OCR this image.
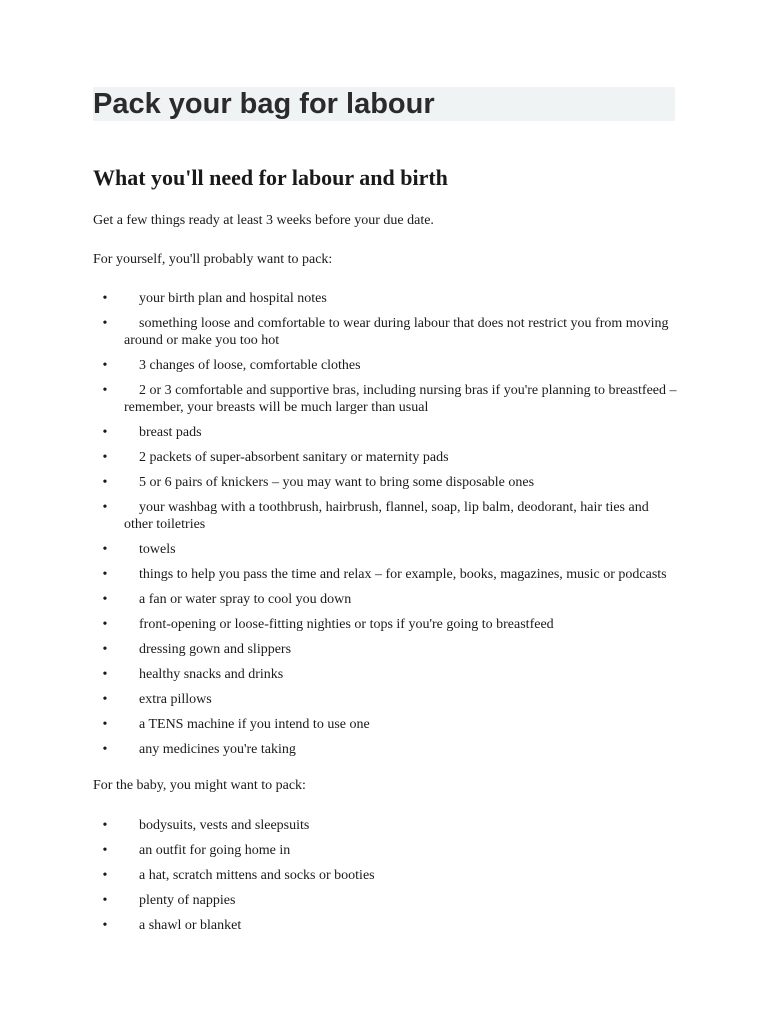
Pack your bag for labour
What you'll need for labour and birth

Get a few things ready at least 3 weeks before your due date.

For yourself, you'll probably want to pack:

•	your birth plan and hospital notes
•	something loose and comfortable to wear during labour that does not restrict you from moving around or make you too hot
•	3 changes of loose, comfortable clothes
•	2 or 3 comfortable and supportive bras, including nursing bras if you're planning to breastfeed – remember, your breasts will be much larger than usual
•	breast pads
•	2 packets of super-absorbent sanitary or maternity pads
•	5 or 6 pairs of knickers – you may want to bring some disposable ones
•	your washbag with a toothbrush, hairbrush, flannel, soap, lip balm, deodorant, hair ties and other toiletries
•	towels
•	things to help you pass the time and relax – for example, books, magazines, music or podcasts
•	a fan or water spray to cool you down
•	front-opening or loose-fitting nighties or tops if you're going to breastfeed
•	dressing gown and slippers
•	healthy snacks and drinks
•	extra pillows
•	a TENS machine if you intend to use one
•	any medicines you're taking

For the baby, you might want to pack:

•	bodysuits, vests and sleepsuits
•	an outfit for going home in
•	a hat, scratch mittens and socks or booties
•	plenty of nappies
•	a shawl or blanket
